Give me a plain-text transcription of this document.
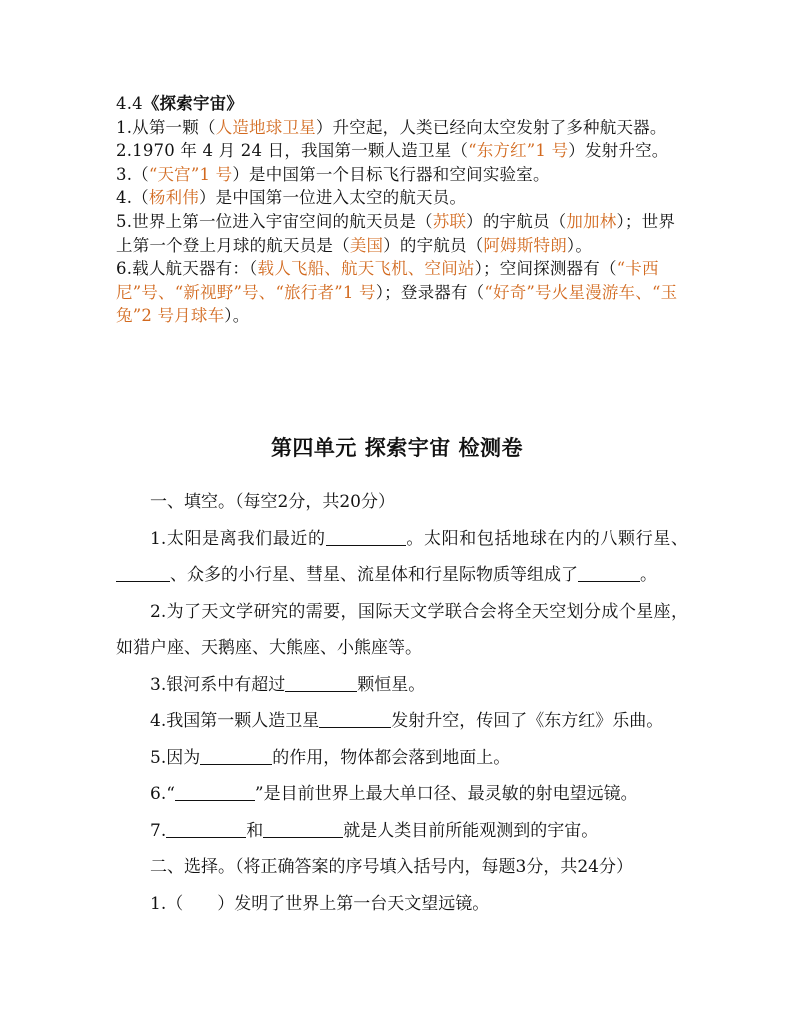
4.4《探索宇宙》

1.从第一颗（人造地球卫星）升空起，人类已经向太空发射了多种航天器。

2.1970 年 4 月 24 日，我国第一颗人造卫星（“东方红”1 号）发射升空。

3.（“天宫”1 号）是中国第一个目标飞行器和空间实验室。

4.（杨利伟）是中国第一位进入太空的航天员。

5.世界上第一位进入宇宙空间的航天员是（苏联）的宇航员（加加林）；世界上第一个登上月球的航天员是（美国）的宇航员（阿姆斯特朗）。

6.载人航天器有：（载人飞船、航天飞机、空间站）；空间探测器有（“卡西尼”号、“新视野”号、“旅行者”1 号）；登录器有（“好奇”号火星漫游车、“玉兔”2 号月球车）。

第四单元 探索宇宙 检测卷

一、填空。（每空2分，共20分）

1.太阳是离我们最近的	。太阳和包括地球在内的八颗行星、、众多的小行星、彗星、流星体和行星际物质等组成了	。

2.为了天文学研究的需要，国际天文学联合会将全天空划分成个星座，如猎户座、天鹅座、大熊座、小熊座等。

3.银河系中有超过	颗恒星。

4.我国第一颗人造卫星	发射升空，传回了《东方红》乐曲。

5.因为	的作用，物体都会落到地面上。

6.“	”是目前世界上最大单口径、最灵敏的射电望远镜。

7.	和	就是人类目前所能观测到的宇宙。

二、选择。（将正确答案的序号填入括号内，每题3分，共24分）

1.（　　）发明了世界上第一台天文望远镜。
